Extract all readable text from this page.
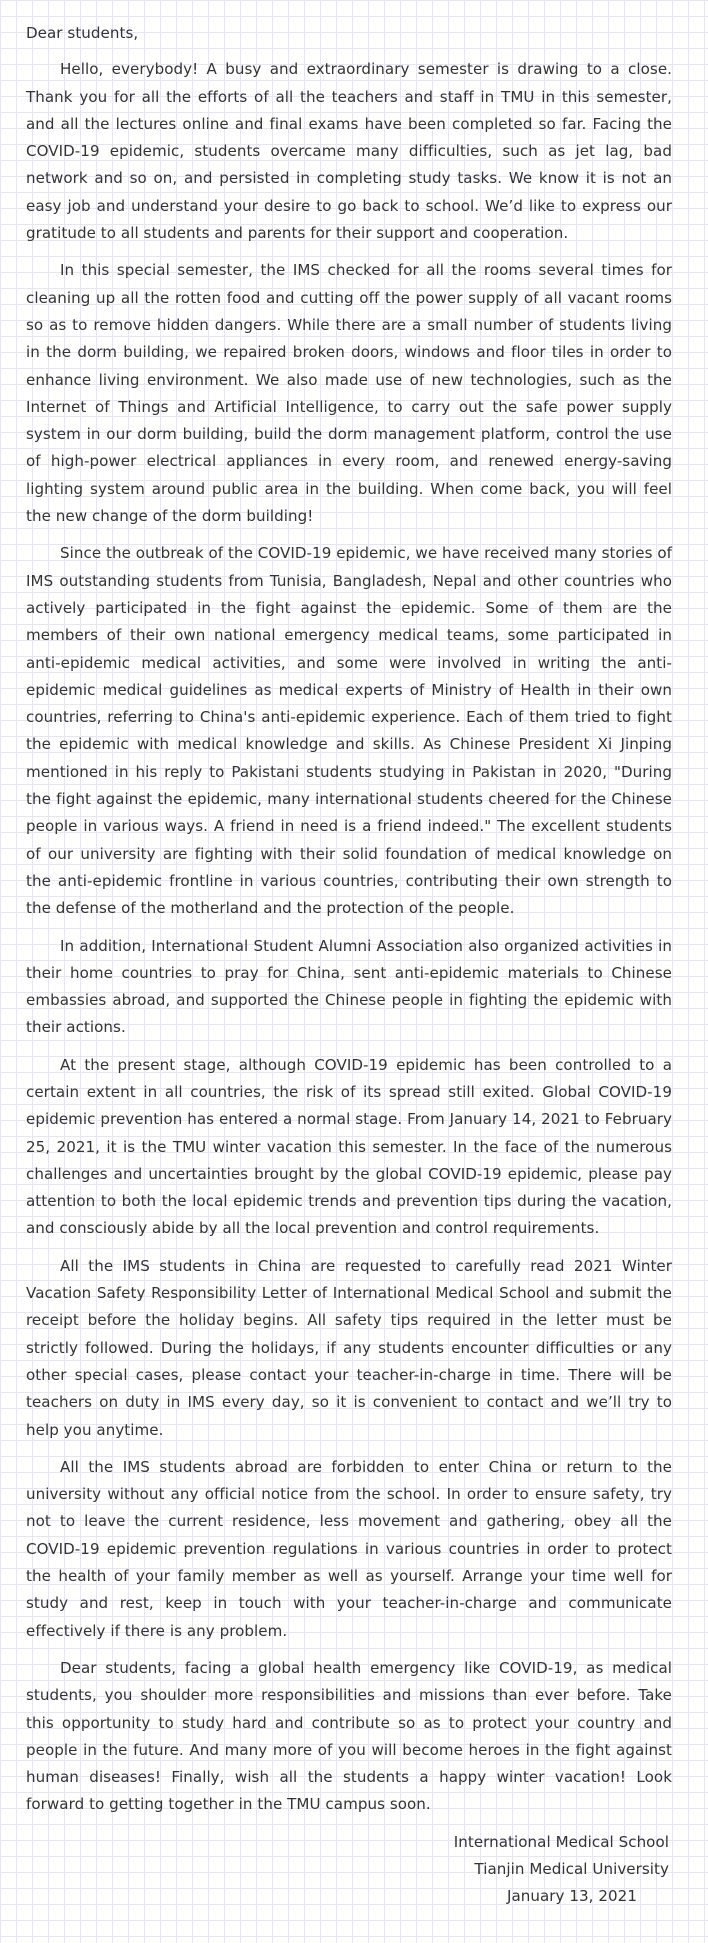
Dear students,

Hello, everybody! A busy and extraordinary semester is drawing to a close. Thank you for all the efforts of all the teachers and staff in TMU in this semester, and all the lectures online and final exams have been completed so far. Facing the COVID-19 epidemic, students overcame many difficulties, such as jet lag, bad network and so on, and persisted in completing study tasks. We know it is not an easy job and understand your desire to go back to school. We’d like to express our gratitude to all students and parents for their support and cooperation.

In this special semester, the IMS checked for all the rooms several times for cleaning up all the rotten food and cutting off the power supply of all vacant rooms so as to remove hidden dangers. While there are a small number of students living in the dorm building, we repaired broken doors, windows and floor tiles in order to enhance living environment. We also made use of new technologies, such as the Internet of Things and Artificial Intelligence, to carry out the safe power supply system in our dorm building, build the dorm management platform, control the use of high-power electrical appliances in every room, and renewed energy-saving lighting system around public area in the building. When come back, you will feel the new change of the dorm building!

Since the outbreak of the COVID-19 epidemic, we have received many stories of IMS outstanding students from Tunisia, Bangladesh, Nepal and other countries who actively participated in the fight against the epidemic. Some of them are the members of their own national emergency medical teams, some participated in anti-epidemic medical activities, and some were involved in writing the anti-epidemic medical guidelines as medical experts of Ministry of Health in their own countries, referring to China's anti-epidemic experience. Each of them tried to fight the epidemic with medical knowledge and skills. As Chinese President Xi Jinping mentioned in his reply to Pakistani students studying in Pakistan in 2020, "During the fight against the epidemic, many international students cheered for the Chinese people in various ways. A friend in need is a friend indeed." The excellent students of our university are fighting with their solid foundation of medical knowledge on the anti-epidemic frontline in various countries, contributing their own strength to the defense of the motherland and the protection of the people.

In addition, International Student Alumni Association also organized activities in their home countries to pray for China, sent anti-epidemic materials to Chinese embassies abroad, and supported the Chinese people in fighting the epidemic with their actions.

At the present stage, although COVID-19 epidemic has been controlled to a certain extent in all countries, the risk of its spread still exited. Global COVID-19 epidemic prevention has entered a normal stage. From January 14, 2021 to February 25, 2021, it is the TMU winter vacation this semester. In the face of the numerous challenges and uncertainties brought by the global COVID-19 epidemic, please pay attention to both the local epidemic trends and prevention tips during the vacation, and consciously abide by all the local prevention and control requirements.

All the IMS students in China are requested to carefully read 2021 Winter Vacation Safety Responsibility Letter of International Medical School and submit the receipt before the holiday begins. All safety tips required in the letter must be strictly followed. During the holidays, if any students encounter difficulties or any other special cases, please contact your teacher-in-charge in time. There will be teachers on duty in IMS every day, so it is convenient to contact and we’ll try to help you anytime.

All the IMS students abroad are forbidden to enter China or return to the university without any official notice from the school. In order to ensure safety, try not to leave the current residence, less movement and gathering, obey all the COVID-19 epidemic prevention regulations in various countries in order to protect the health of your family member as well as yourself. Arrange your time well for study and rest, keep in touch with your teacher-in-charge and communicate effectively if there is any problem.

Dear students, facing a global health emergency like COVID-19, as medical students, you shoulder more responsibilities and missions than ever before. Take this opportunity to study hard and contribute so as to protect your country and people in the future. And many more of you will become heroes in the fight against human diseases! Finally, wish all the students a happy winter vacation! Look forward to getting together in the TMU campus soon.

International Medical School
Tianjin Medical University
January 13, 2021
